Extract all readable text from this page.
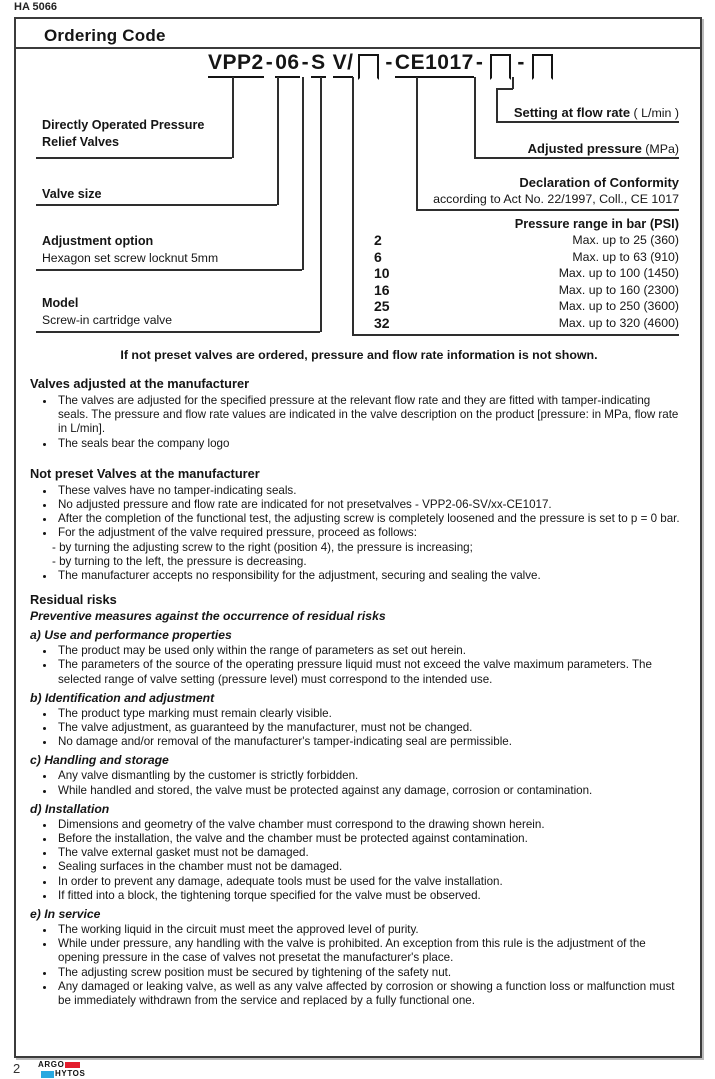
HA 5066
Ordering Code
VPP2 - 06 - S V/ - CE1017 - -
Directly Operated Pressure
Relief Valves
Valve size
Adjustment option
Hexagon set screw locknut 5mm
Model
Screw-in cartridge valve
Setting at flow rate ( L/min )
Adjusted pressure (MPa)
Declaration of Conformity
according to Act No. 22/1997, Coll., CE 1017
Pressure range in bar (PSI)
2	Max. up to 25 (360)
6	Max. up to 63 (910)
10	Max. up to 100 (1450)
16	Max. up to 160 (2300)
25	Max. up to 250 (3600)
32	Max. up to 320 (4600)
If not preset valves are ordered, pressure and flow rate information is not shown.
Valves adjusted at the manufacturer
• The valves are adjusted for the specified pressure at the relevant flow rate and they are fitted with tamper-indicating seals. The pressure and flow rate values are indicated in the valve description on the product [pressure: in MPa, flow rate in L/min].
• The seals bear the company logo
Not preset Valves at the manufacturer
• These valves have no tamper-indicating seals.
• No adjusted pressure and flow rate are indicated for not presetvalves - VPP2-06-SV/xx-CE1017.
• After the completion of the functional test, the adjusting screw is completely loosened and the pressure is set to p = 0 bar.
• For the adjustment of the valve required pressure, proceed as follows:
- by turning the adjusting screw to the right (position 4), the pressure is increasing;
- by turning to the left, the pressure is decreasing.
• The manufacturer accepts no responsibility for the adjustment, securing and sealing the valve.
Residual risks

Preventive measures against the occurrence of residual risks

a) Use and performance properties
• The product may be used only within the range of parameters as set out herein.
• The parameters of the source of the operating pressure liquid must not exceed the valve maximum parameters. The selected range of valve setting (pressure level) must correspond to the intended use.
b) Identification and adjustment
• The product type marking must remain clearly visible.
• The valve adjustment, as guaranteed by the manufacturer, must not be changed.
• No damage and/or removal of the manufacturer's tamper-indicating seal are permissible.
c) Handling and storage
• Any valve dismantling by the customer is strictly forbidden.
• While handled and stored, the valve must be protected against any damage, corrosion or contamination.
d) Installation
• Dimensions and geometry of the valve chamber must correspond to the drawing shown herein.
• Before the installation, the valve and the chamber must be protected against contamination.
• The valve external gasket must not be damaged.
• Sealing surfaces in the chamber must not be damaged.
• In order to prevent any damage, adequate tools must be used for the valve installation.
• If fitted into a block, the tightening torque specified for the valve must be observed.
e) In service
• The working liquid in the circuit must meet the approved level of purity.
• While under pressure, any handling with the valve is prohibited. An exception from this rule is the adjustment of the opening pressure in the case of valves not presetat the manufacturer's place.
• The adjusting screw position must be secured by tightening of the safety nut.
• Any damaged or leaking valve, as well as any valve affected by corrosion or showing a function loss or malfunction must be immediately withdrawn from the service and replaced by a fully functional one.
2 ARGO
HYTOS
